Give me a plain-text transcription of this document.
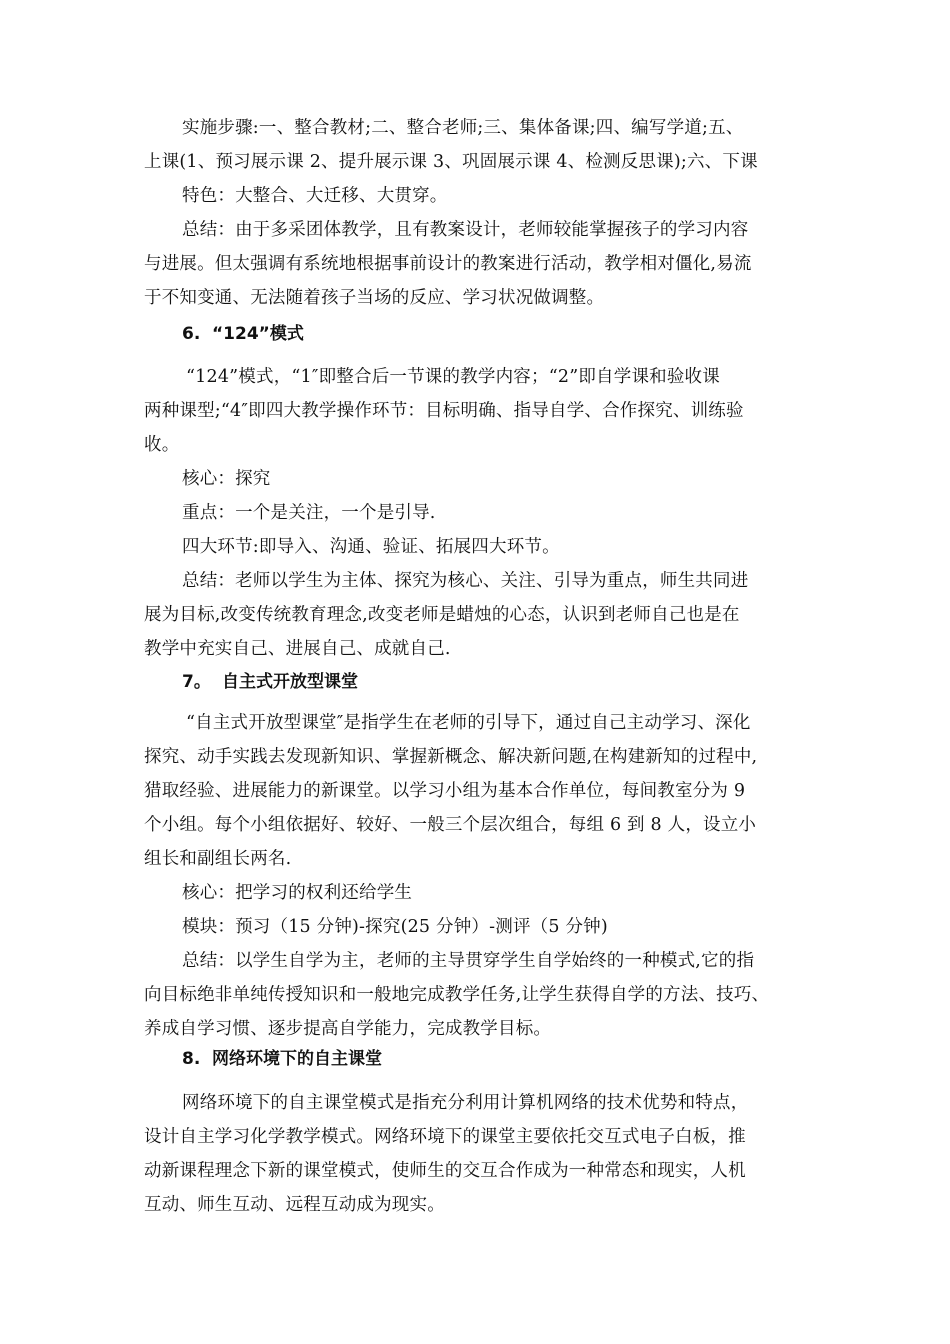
实施步骤:一、整合教材;二、整合老师;三、集体备课;四、编写学道;五、
上课(1、预习展示课 2、提升展示课 3、巩固展示课 4、检测反思课);六、下课
特色：大整合、大迁移、大贯穿。
总结：由于多采团体教学，且有教案设计，老师较能掌握孩子的学习内容
与进展。但太强调有系统地根据事前设计的教案进行活动，教学相对僵化,易流
于不知变通、无法随着孩子当场的反应、学习状况做调整。
6. “124”模式
“124”模式，“1″即整合后一节课的教学内容；“2”即自学课和验收课
两种课型;“4″即四大教学操作环节：目标明确、指导自学、合作探究、训练验
收。
核心：探究
重点：一个是关注，一个是引导.
四大环节:即导入、沟通、验证、拓展四大环节。
总结：老师以学生为主体、探究为核心、关注、引导为重点，师生共同进
展为目标,改变传统教育理念,改变老师是蜡烛的心态，认识到老师自己也是在
教学中充实自己、进展自己、成就自己.
7。 自主式开放型课堂
“自主式开放型课堂″是指学生在老师的引导下，通过自己主动学习、深化
探究、动手实践去发现新知识、掌握新概念、解决新问题,在构建新知的过程中,
猎取经验、进展能力的新课堂。以学习小组为基本合作单位，每间教室分为 9
个小组。每个小组依据好、较好、一般三个层次组合，每组 6 到 8 人，设立小
组长和副组长两名.
核心：把学习的权利还给学生
模块：预习（15 分钟)-探究(25 分钟）-测评（5 分钟)
总结：以学生自学为主，老师的主导贯穿学生自学始终的一种模式,它的指
向目标绝非单纯传授知识和一般地完成教学任务,让学生获得自学的方法、技巧、
养成自学习惯、逐步提高自学能力，完成教学目标。
8. 网络环境下的自主课堂
网络环境下的自主课堂模式是指充分利用计算机网络的技术优势和特点，
设计自主学习化学教学模式。网络环境下的课堂主要依托交互式电子白板，推
动新课程理念下新的课堂模式，使师生的交互合作成为一种常态和现实，人机
互动、师生互动、远程互动成为现实。
